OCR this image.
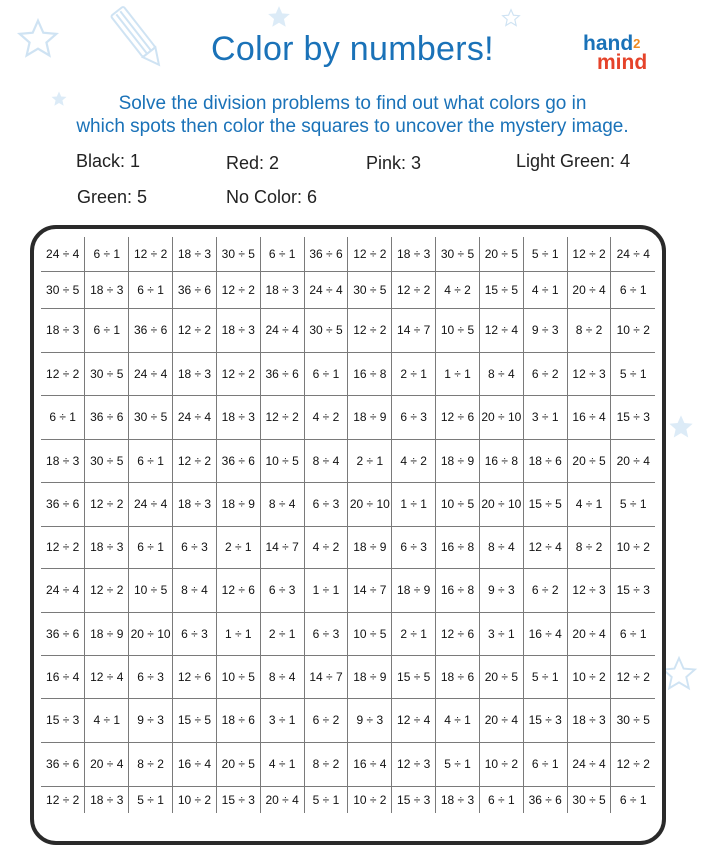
Color by numbers!	hand$^2$
mind
Solve the division problems to find out what colors go in
which spots then color the squares to uncover the mystery image.
Black: 1	Red: 2	Pink: 3	Light Green: 4
Green: 5	No Color: 6
24 ÷ 4	6 ÷ 1	12 ÷ 2	18 ÷ 3	30 ÷ 5	6 ÷ 1	36 ÷ 6	12 ÷ 2	18 ÷ 3	30 ÷ 5	20 ÷ 5	5 ÷ 1	12 ÷ 2	24 ÷ 4
30 ÷ 5	18 ÷ 3	6 ÷ 1	36 ÷ 6	12 ÷ 2	18 ÷ 3	24 ÷ 4	30 ÷ 5	12 ÷ 2	4 ÷ 2	15 ÷ 5	4 ÷ 1	20 ÷ 4	6 ÷ 1
18 ÷ 3	6 ÷ 1	36 ÷ 6	12 ÷ 2	18 ÷ 3	24 ÷ 4	30 ÷ 5	12 ÷ 2	14 ÷ 7	10 ÷ 5	12 ÷ 4	9 ÷ 3	8 ÷ 2	10 ÷ 2
12 ÷ 2	30 ÷ 5	24 ÷ 4	18 ÷ 3	12 ÷ 2	36 ÷ 6	6 ÷ 1	16 ÷ 8	2 ÷ 1	1 ÷ 1	8 ÷ 4	6 ÷ 2	12 ÷ 3	5 ÷ 1
6 ÷ 1	36 ÷ 6	30 ÷ 5	24 ÷ 4	18 ÷ 3	12 ÷ 2	4 ÷ 2	18 ÷ 9	6 ÷ 3	12 ÷ 6	20 ÷ 10	3 ÷ 1	16 ÷ 4	15 ÷ 3
18 ÷ 3	30 ÷ 5	6 ÷ 1	12 ÷ 2	36 ÷ 6	10 ÷ 5	8 ÷ 4	2 ÷ 1	4 ÷ 2	18 ÷ 9	16 ÷ 8	18 ÷ 6	20 ÷ 5	20 ÷ 4
36 ÷ 6	12 ÷ 2	24 ÷ 4	18 ÷ 3	18 ÷ 9	8 ÷ 4	6 ÷ 3	20 ÷ 10	1 ÷ 1	10 ÷ 5	20 ÷ 10	15 ÷ 5	4 ÷ 1	5 ÷ 1
12 ÷ 2	18 ÷ 3	6 ÷ 1	6 ÷ 3	2 ÷ 1	14 ÷ 7	4 ÷ 2	18 ÷ 9	6 ÷ 3	16 ÷ 8	8 ÷ 4	12 ÷ 4	8 ÷ 2	10 ÷ 2
24 ÷ 4	12 ÷ 2	10 ÷ 5	8 ÷ 4	12 ÷ 6	6 ÷ 3	1 ÷ 1	14 ÷ 7	18 ÷ 9	16 ÷ 8	9 ÷ 3	6 ÷ 2	12 ÷ 3	15 ÷ 3
36 ÷ 6	18 ÷ 9	20 ÷ 10	6 ÷ 3	1 ÷ 1	2 ÷ 1	6 ÷ 3	10 ÷ 5	2 ÷ 1	12 ÷ 6	3 ÷ 1	16 ÷ 4	20 ÷ 4	6 ÷ 1
16 ÷ 4	12 ÷ 4	6 ÷ 3	12 ÷ 6	10 ÷ 5	8 ÷ 4	14 ÷ 7	18 ÷ 9	15 ÷ 5	18 ÷ 6	20 ÷ 5	5 ÷ 1	10 ÷ 2	12 ÷ 2
15 ÷ 3	4 ÷ 1	9 ÷ 3	15 ÷ 5	18 ÷ 6	3 ÷ 1	6 ÷ 2	9 ÷ 3	12 ÷ 4	4 ÷ 1	20 ÷ 4	15 ÷ 3	18 ÷ 3	30 ÷ 5
36 ÷ 6	20 ÷ 4	8 ÷ 2	16 ÷ 4	20 ÷ 5	4 ÷ 1	8 ÷ 2	16 ÷ 4	12 ÷ 3	5 ÷ 1	10 ÷ 2	6 ÷ 1	24 ÷ 4	12 ÷ 2
12 ÷ 2	18 ÷ 3	5 ÷ 1	10 ÷ 2	15 ÷ 3	20 ÷ 4	5 ÷ 1	10 ÷ 2	15 ÷ 3	18 ÷ 3	6 ÷ 1	36 ÷ 6	30 ÷ 5	6 ÷ 1
